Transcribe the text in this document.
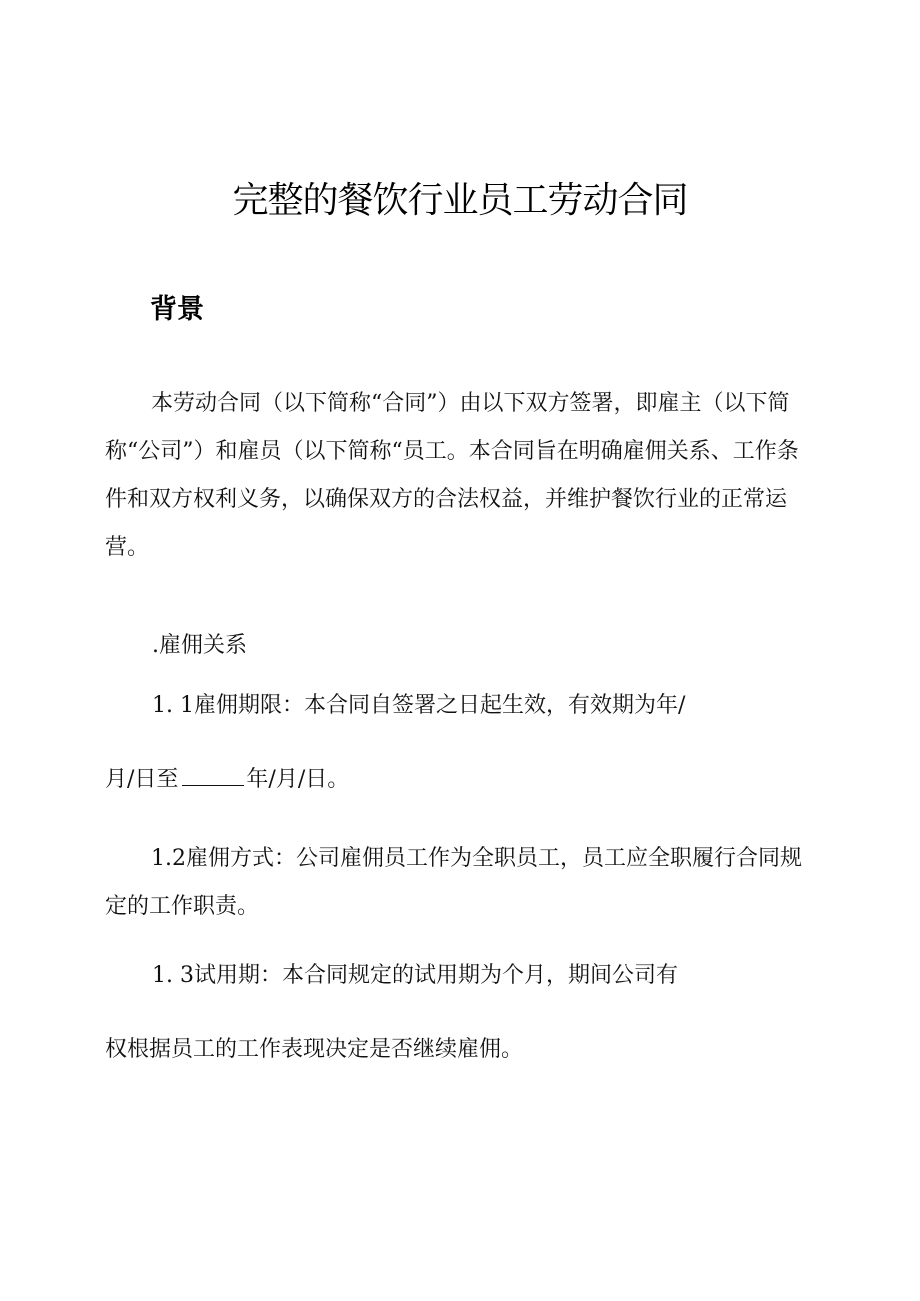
完整的餐饮行业员工劳动合同
背景

本劳动合同（以下简称“合同”）由以下双方签署，即雇主（以下简称“公司”）和雇员（以下简称“员工。本合同旨在明确雇佣关系、工作条件和双方权利义务，以确保双方的合法权益，并维护餐饮行业的正常运营。

.雇佣关系

1. 1雇佣期限：本合同自签署之日起生效，有效期为年/

月/日至	年/月/日。

1.2雇佣方式：公司雇佣员工作为全职员工，员工应全职履行合同规定的工作职责。

1. 3试用期：本合同规定的试用期为个月，期间公司有

权根据员工的工作表现决定是否继续雇佣。
